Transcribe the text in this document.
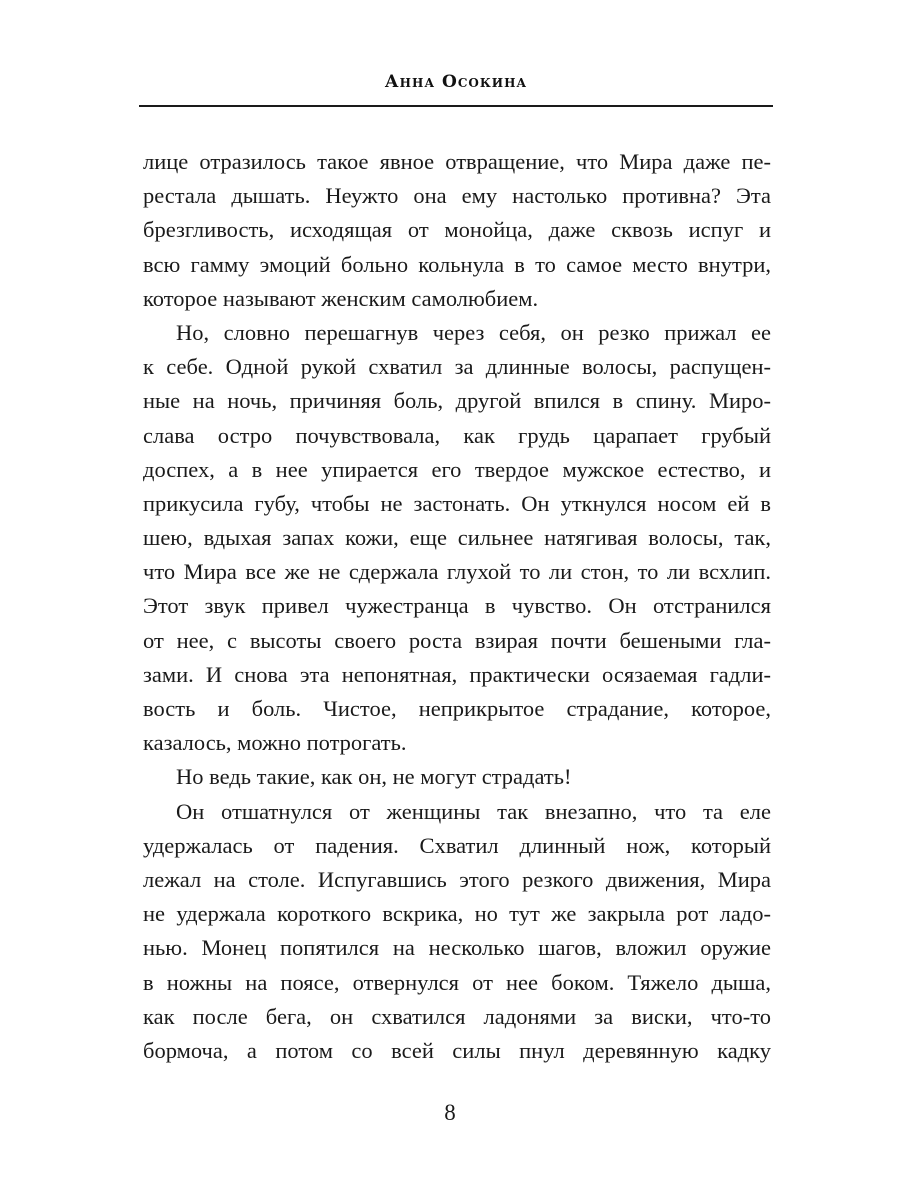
Анна Осокина
лице отразилось такое явное отвращение, что Мира даже пе-
рестала дышать. Неужто она ему настолько противна? Эта
брезгливость, исходящая от монойца, даже сквозь испуг и
всю гамму эмоций больно кольнула в то самое место внутри,
которое называют женским самолюбием.
Но, словно перешагнув через себя, он резко прижал ее
к себе. Одной рукой схватил за длинные волосы, распущен-
ные на ночь, причиняя боль, другой впился в спину. Миро-
слава остро почувствовала, как грудь царапает грубый
доспех, а в нее упирается его твердое мужское естество, и
прикусила губу, чтобы не застонать. Он уткнулся носом ей в
шею, вдыхая запах кожи, еще сильнее натягивая волосы, так,
что Мира все же не сдержала глухой то ли стон, то ли всхлип.
Этот звук привел чужестранца в чувство. Он отстранился
от нее, с высоты своего роста взирая почти бешеными гла-
зами. И снова эта непонятная, практически осязаемая гадли-
вость и боль. Чистое, неприкрытое страдание, которое,
казалось, можно потрогать.
Но ведь такие, как он, не могут страдать!
Он отшатнулся от женщины так внезапно, что та еле
удержалась от падения. Схватил длинный нож, который
лежал на столе. Испугавшись этого резкого движения, Мира
не удержала короткого вскрика, но тут же закрыла рот ладо-
нью. Монец попятился на несколько шагов, вложил оружие
в ножны на поясе, отвернулся от нее боком. Тяжело дыша,
как после бега, он схватился ладонями за виски, что-то
бормоча, а потом со всей силы пнул деревянную кадку
8
